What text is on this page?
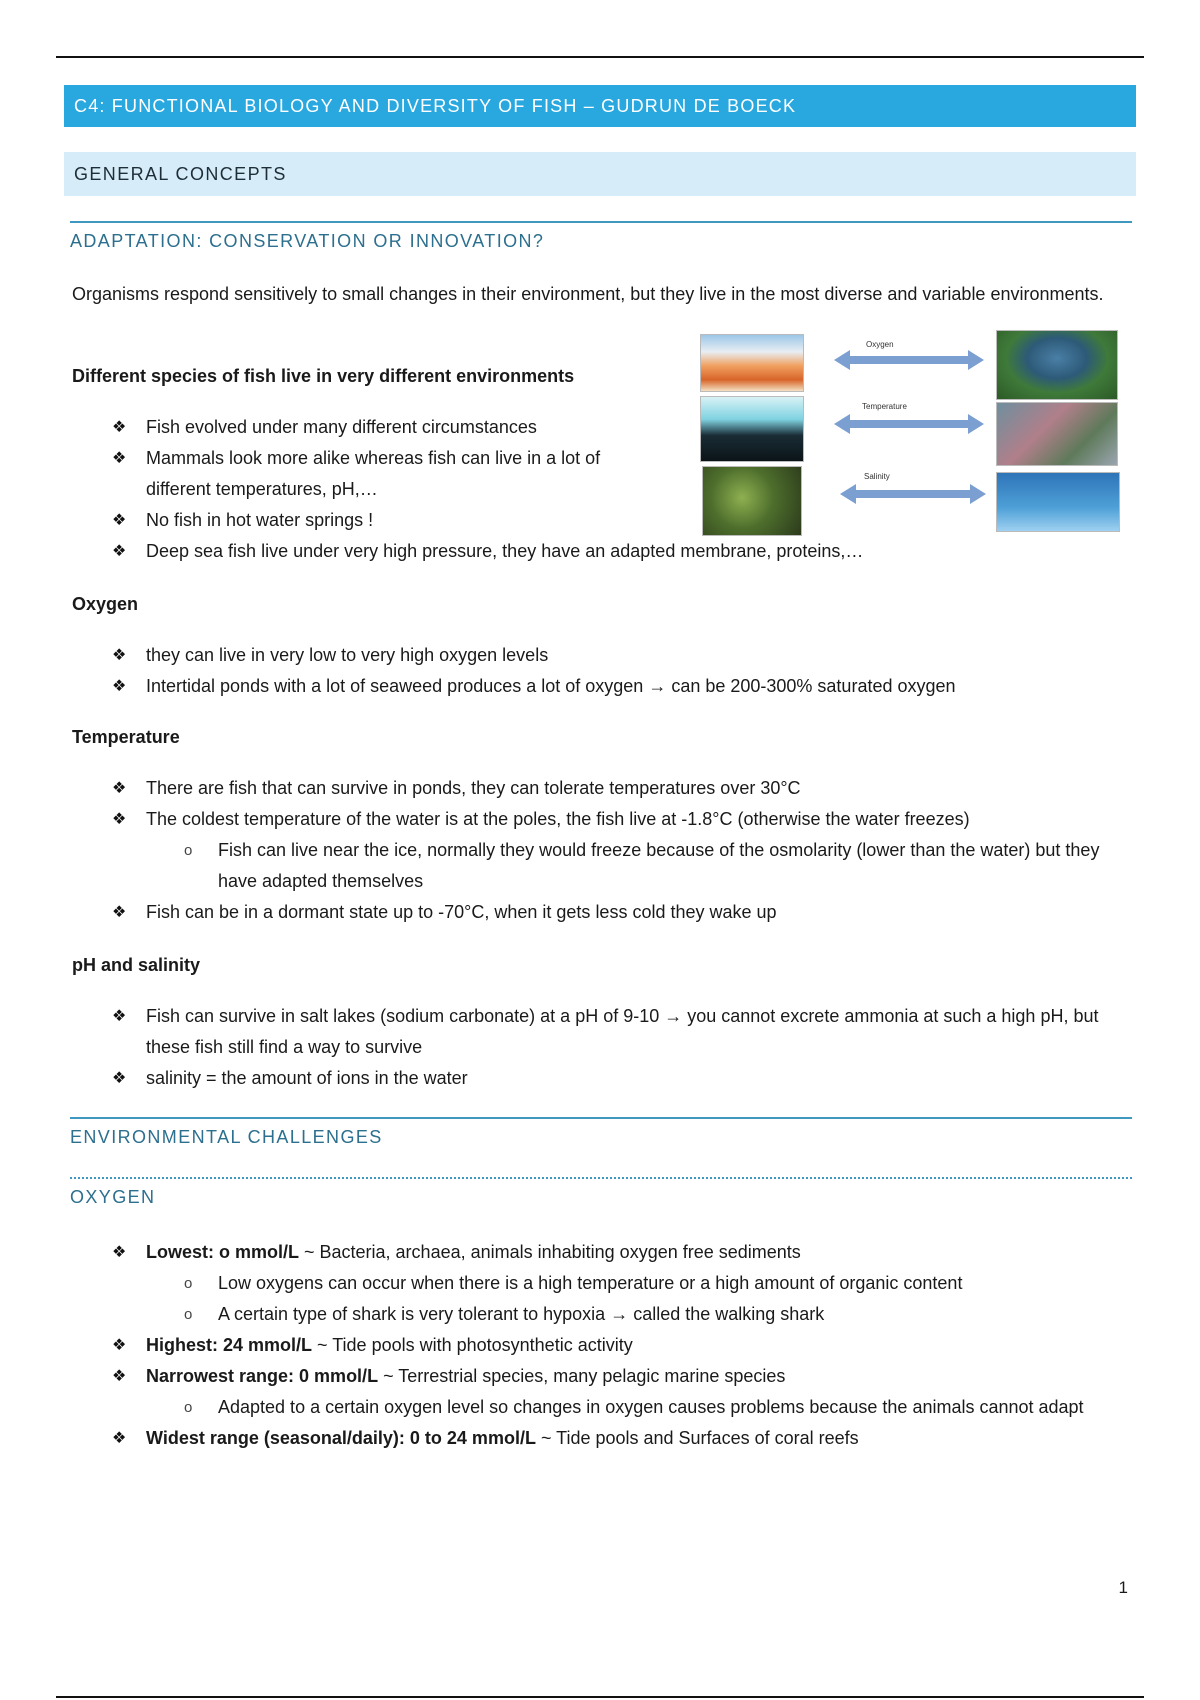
C4: FUNCTIONAL BIOLOGY AND DIVERSITY OF FISH – GUDRUN DE BOECK
GENERAL CONCEPTS
ADAPTATION: CONSERVATION OR INNOVATION?
Organisms respond sensitively to small changes in their environment, but they live in the most diverse and variable environments.
Different species of fish live in very different environments
❖ Fish evolved under many different circumstances
❖ Mammals look more alike whereas fish can live in a lot of different temperatures, pH,…
❖ No fish in hot water springs !
❖ Deep sea fish live under very high pressure, they have an adapted membrane, proteins,…
Oxygen
Temperature
Salinity
Oxygen
❖ they can live in very low to very high oxygen levels
❖ Intertidal ponds with a lot of seaweed produces a lot of oxygen → can be 200-300% saturated oxygen
Temperature
❖ There are fish that can survive in ponds, they can tolerate temperatures over 30°C
❖ The coldest temperature of the water is at the poles, the fish live at -1.8°C (otherwise the water freezes)
o Fish can live near the ice, normally they would freeze because of the osmolarity (lower than the water) but they have adapted themselves
❖ Fish can be in a dormant state up to -70°C, when it gets less cold they wake up
pH and salinity
❖ Fish can survive in salt lakes (sodium carbonate) at a pH of 9-10 → you cannot excrete ammonia at such a high pH, but these fish still find a way to survive
❖ salinity = the amount of ions in the water
ENVIRONMENTAL CHALLENGES
OXYGEN
❖ Lowest: o mmol/L ~ Bacteria, archaea, animals inhabiting oxygen free sediments
o Low oxygens can occur when there is a high temperature or a high amount of organic content
o A certain type of shark is very tolerant to hypoxia → called the walking shark
❖ Highest: 24 mmol/L ~ Tide pools with photosynthetic activity
❖ Narrowest range: 0 mmol/L ~ Terrestrial species, many pelagic marine species
o Adapted to a certain oxygen level so changes in oxygen causes problems because the animals cannot adapt
❖ Widest range (seasonal/daily): 0 to 24 mmol/L ~ Tide pools and Surfaces of coral reefs
1
